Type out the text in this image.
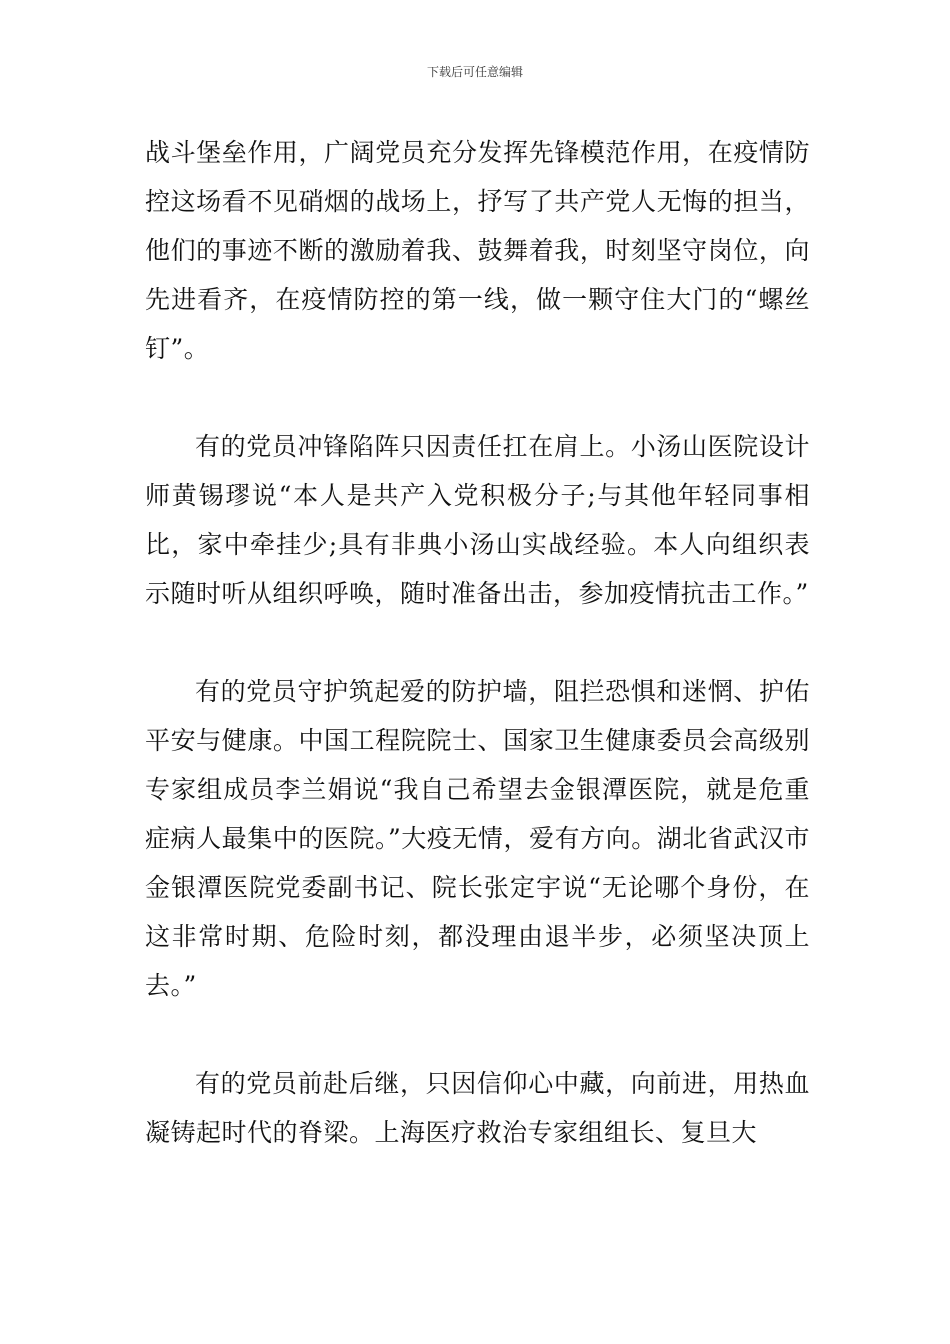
下载后可任意编辑

战斗堡垒作用，广阔党员充分发挥先锋模范作用，在疫情防控这场看不见硝烟的战场上，抒写了共产党人无悔的担当，他们的事迹不断的激励着我、鼓舞着我，时刻坚守岗位，向先进看齐，在疫情防控的第一线，做一颗守住大门的“螺丝钉”。

有的党员冲锋陷阵只因责任扛在肩上。小汤山医院设计师黄锡璆说“本人是共产入党积极分子;与其他年轻同事相比，家中牵挂少;具有非典小汤山实战经验。本人向组织表示随时听从组织呼唤，随时准备出击，参加疫情抗击工作。”

有的党员守护筑起爱的防护墙，阻拦恐惧和迷惘、护佑平安与健康。中国工程院院士、国家卫生健康委员会高级别专家组成员李兰娟说“我自己希望去金银潭医院，就是危重症病人最集中的医院。”大疫无情，爱有方向。湖北省武汉市金银潭医院党委副书记、院长张定宇说“无论哪个身份，在这非常时期、危险时刻，都没理由退半步，必须坚决顶上去。”

有的党员前赴后继，只因信仰心中藏，向前进，用热血凝铸起时代的脊梁。上海医疗救治专家组组长、复旦大
